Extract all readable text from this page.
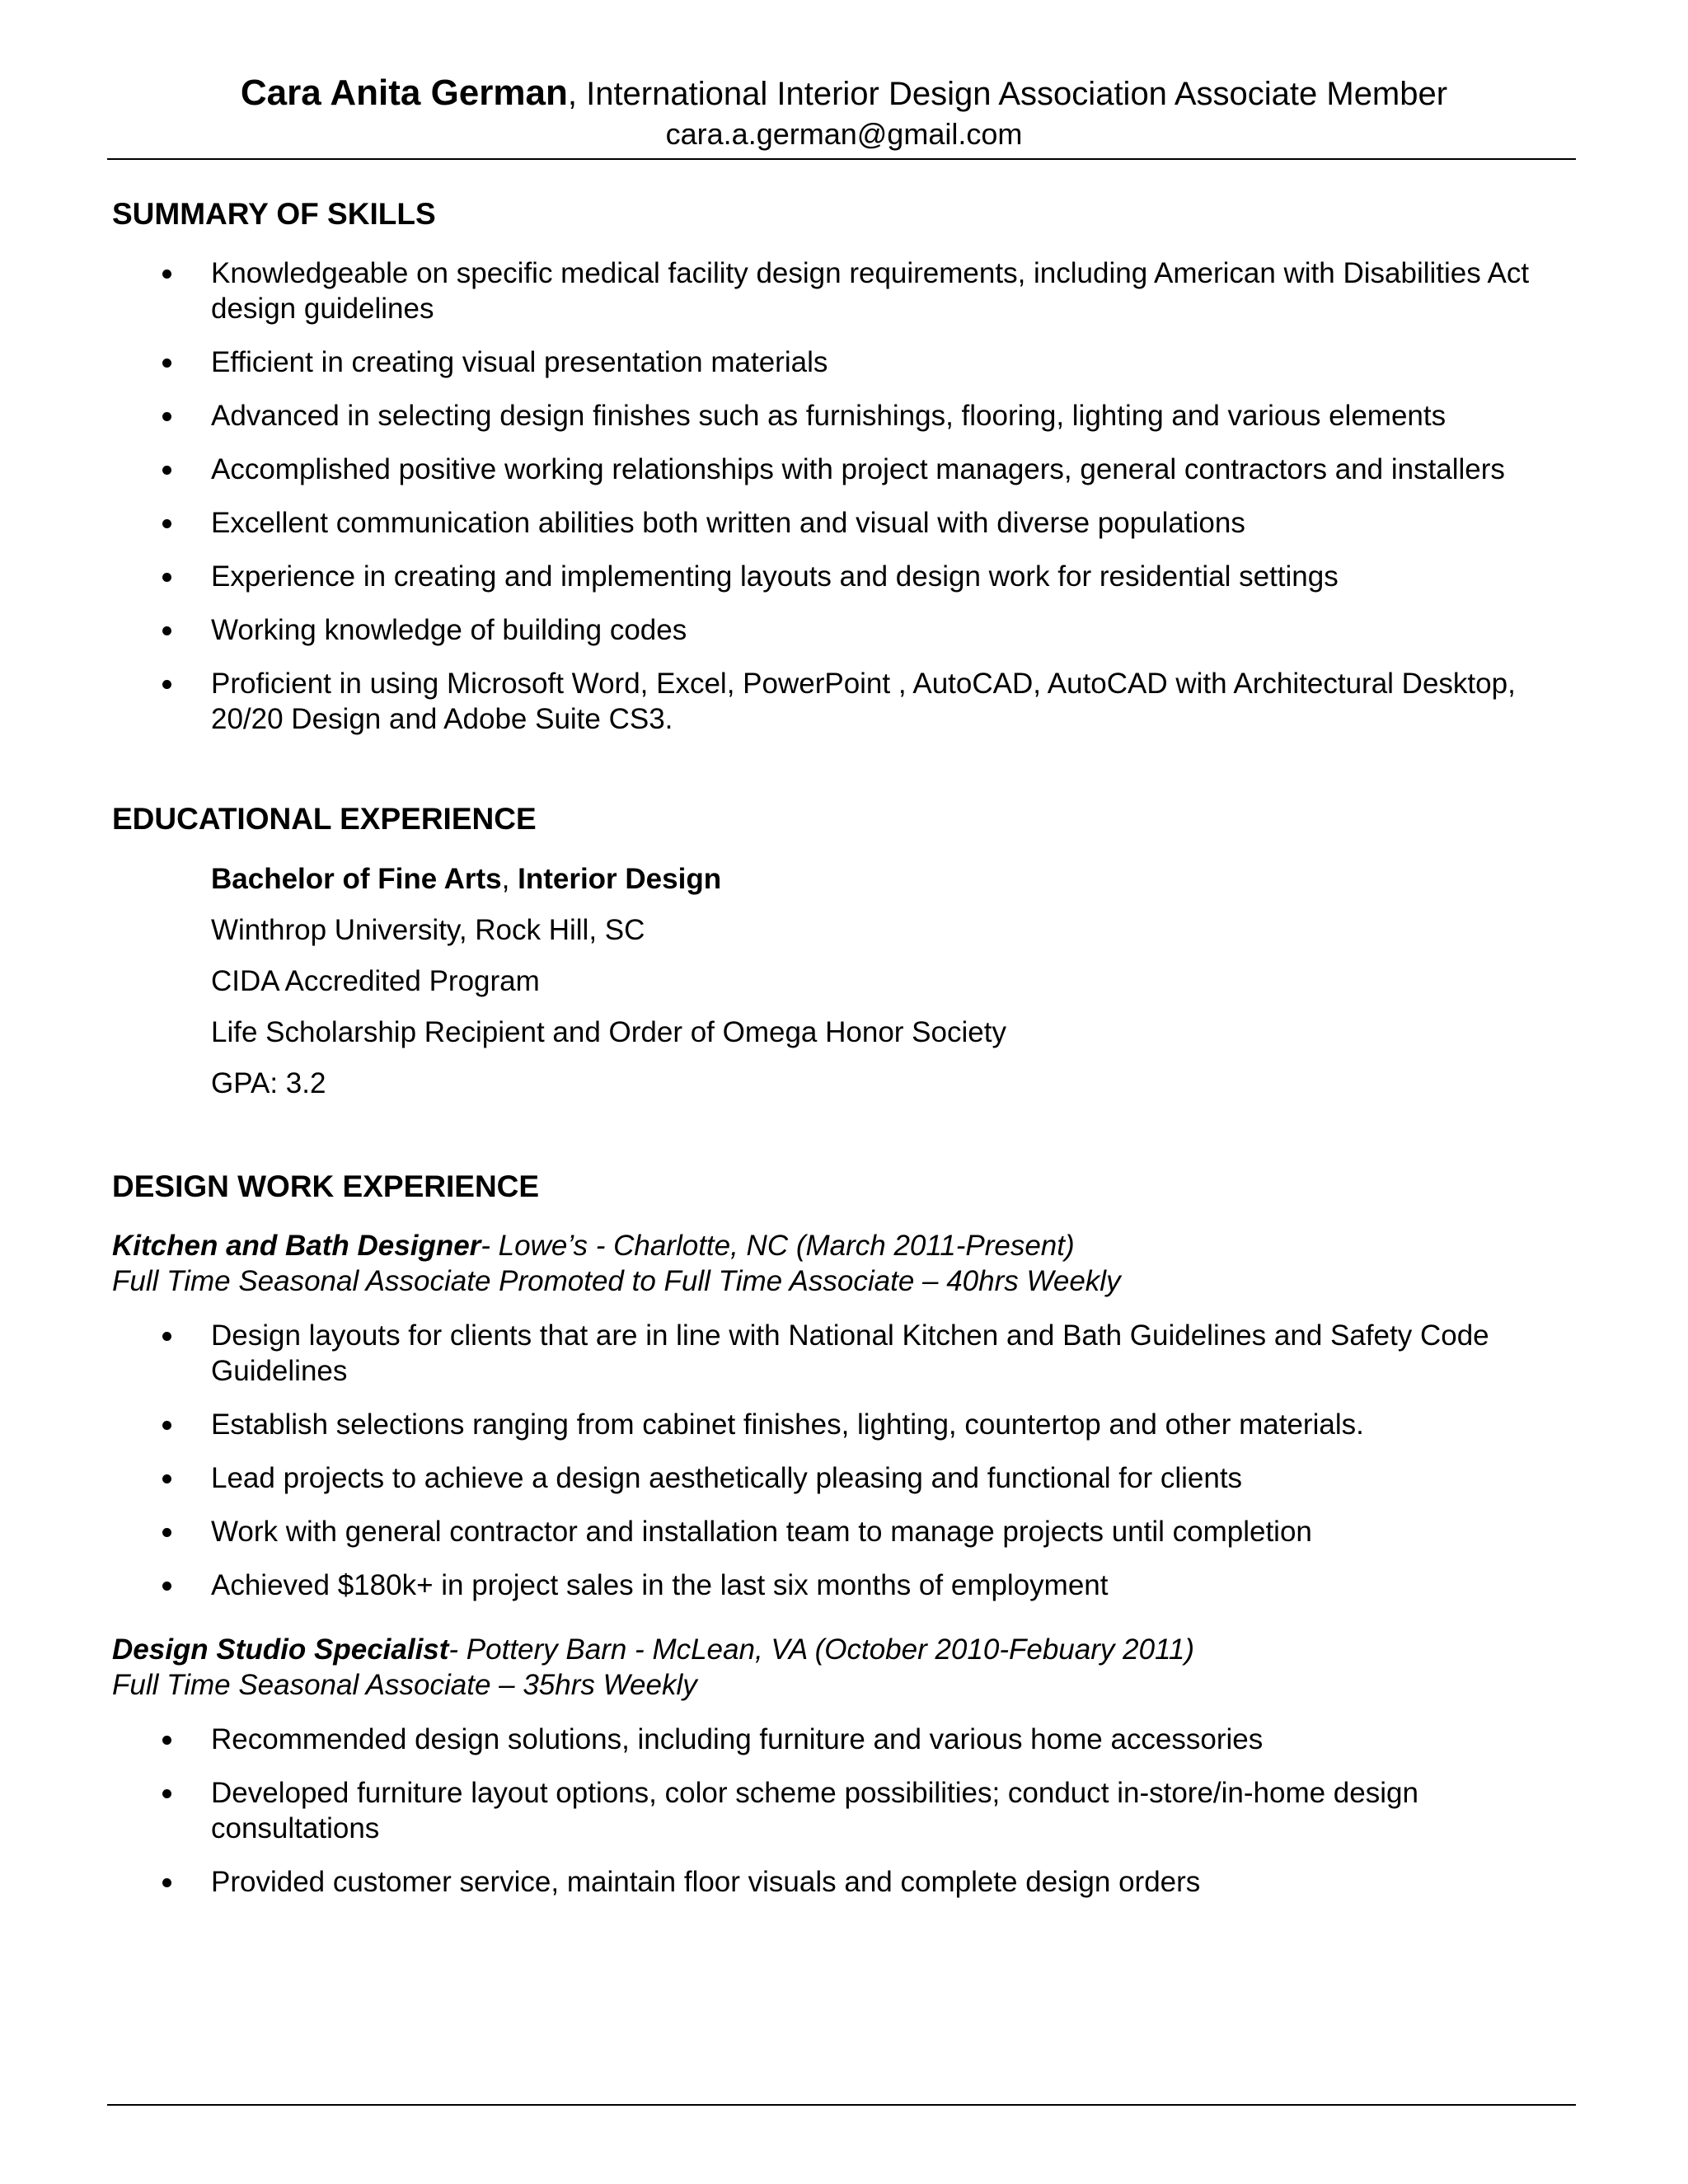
Cara Anita German, International Interior Design Association Associate Member
cara.a.german@gmail.com
SUMMARY OF SKILLS
Knowledgeable on specific medical facility design requirements, including American with Disabilities Act design guidelines
Efficient in creating visual presentation materials
Advanced in selecting design finishes such as furnishings, flooring, lighting and various elements
Accomplished positive working relationships with project managers, general contractors and installers
Excellent communication abilities both written and visual with diverse populations
Experience in creating and implementing layouts and design work for residential settings
Working knowledge of building codes
Proficient in using Microsoft Word, Excel, PowerPoint , AutoCAD, AutoCAD with Architectural Desktop, 20/20 Design and Adobe Suite CS3.
EDUCATIONAL EXPERIENCE
Bachelor of Fine Arts, Interior Design
Winthrop University, Rock Hill, SC
CIDA Accredited Program
Life Scholarship Recipient and Order of Omega Honor Society
GPA: 3.2
DESIGN WORK EXPERIENCE
Kitchen and Bath Designer- Lowe’s - Charlotte, NC (March 2011-Present)
Full Time Seasonal Associate Promoted to Full Time Associate – 40hrs Weekly
Design layouts for clients that are in line with National Kitchen and Bath Guidelines and Safety Code Guidelines
Establish selections ranging from cabinet finishes, lighting, countertop and other materials.
Lead projects to achieve a design aesthetically pleasing and functional for clients
Work with general contractor and installation team to manage projects until completion
Achieved $180k+ in project sales in the last six months of employment
Design Studio Specialist- Pottery Barn - McLean, VA (October 2010-Febuary 2011)
Full Time Seasonal Associate – 35hrs Weekly
Recommended design solutions, including furniture and various home accessories
Developed furniture layout options, color scheme possibilities; conduct in-store/in-home design consultations
Provided customer service, maintain floor visuals and complete design orders
